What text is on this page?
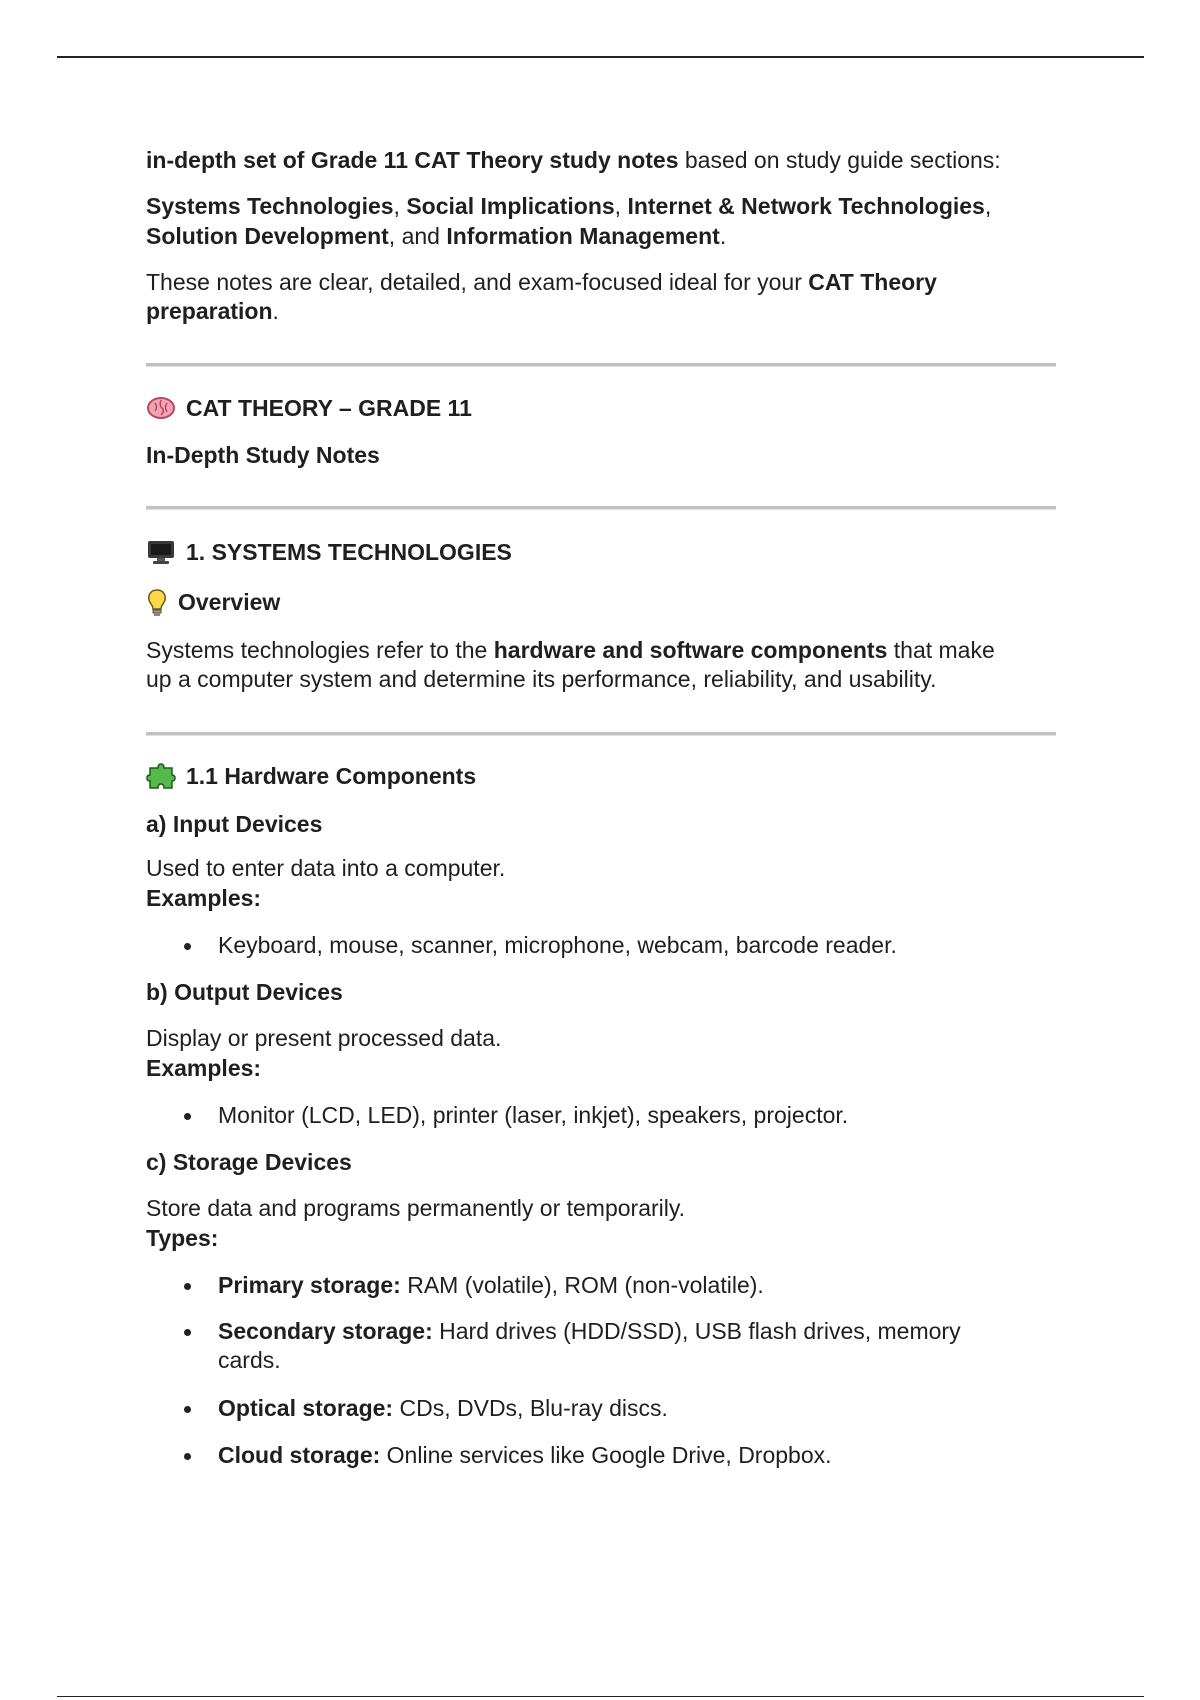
in-depth set of Grade 11 CAT Theory study notes based on study guide sections:

Systems Technologies, Social Implications, Internet & Network Technologies,

Solution Development, and Information Management.

These notes are clear, detailed, and exam-focused ideal for your CAT Theory

preparation.

CAT THEORY – GRADE 11
In-Depth Study Notes
1. SYSTEMS TECHNOLOGIES
Overview

Systems technologies refer to the hardware and software components that make

up a computer system and determine its performance, reliability, and usability.

1.1 Hardware Components
a) Input Devices

Used to enter data into a computer.

Examples:

Keyboard, mouse, scanner, microphone, webcam, barcode reader.
b) Output Devices

Display or present processed data.

Examples:

Monitor (LCD, LED), printer (laser, inkjet), speakers, projector.
c) Storage Devices

Store data and programs permanently or temporarily.

Types:

Primary storage: RAM (volatile), ROM (non-volatile).
Secondary storage: Hard drives (HDD/SSD), USB flash drives, memory
cards.
Optical storage: CDs, DVDs, Blu-ray discs.
Cloud storage: Online services like Google Drive, Dropbox.
